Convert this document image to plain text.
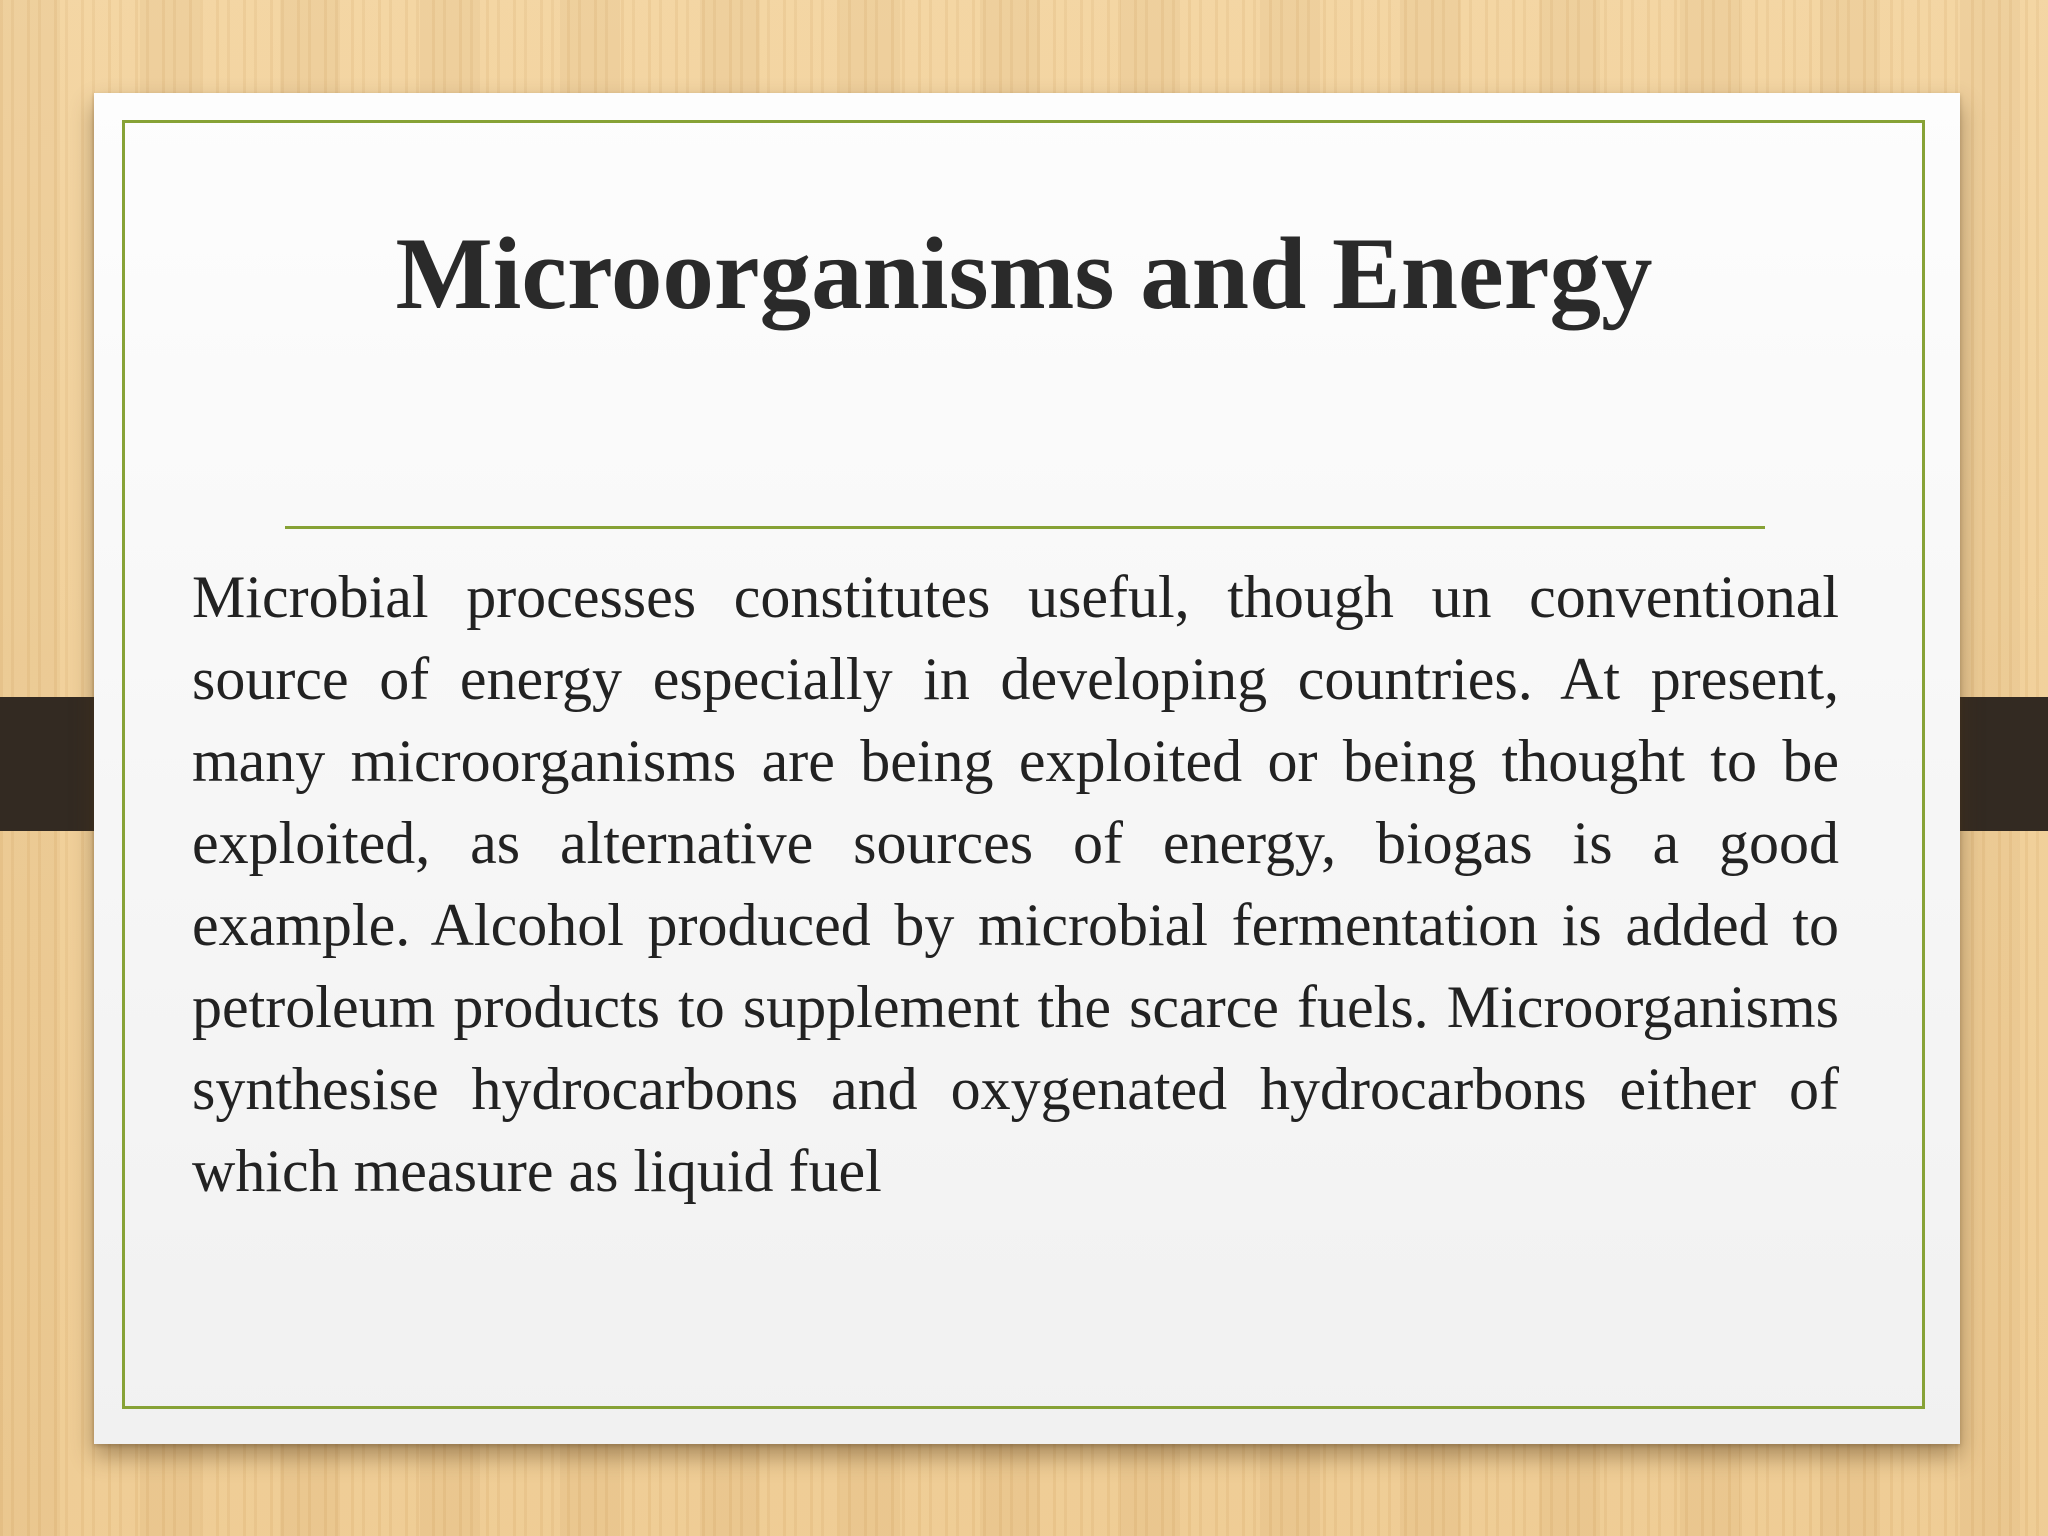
Microorganisms and Energy

Microbial processes constitutes useful, though un conventional source of energy especially in developing countries. At present, many microorganisms are being exploited or being thought to be exploited, as alternative sources of energy, biogas is a good example. Alcohol produced by microbial fermentation is added to petroleum products to supplement the scarce fuels. Microorganisms synthesise hydrocarbons and oxygenated hydrocarbons either of which measure as liquid fuel
